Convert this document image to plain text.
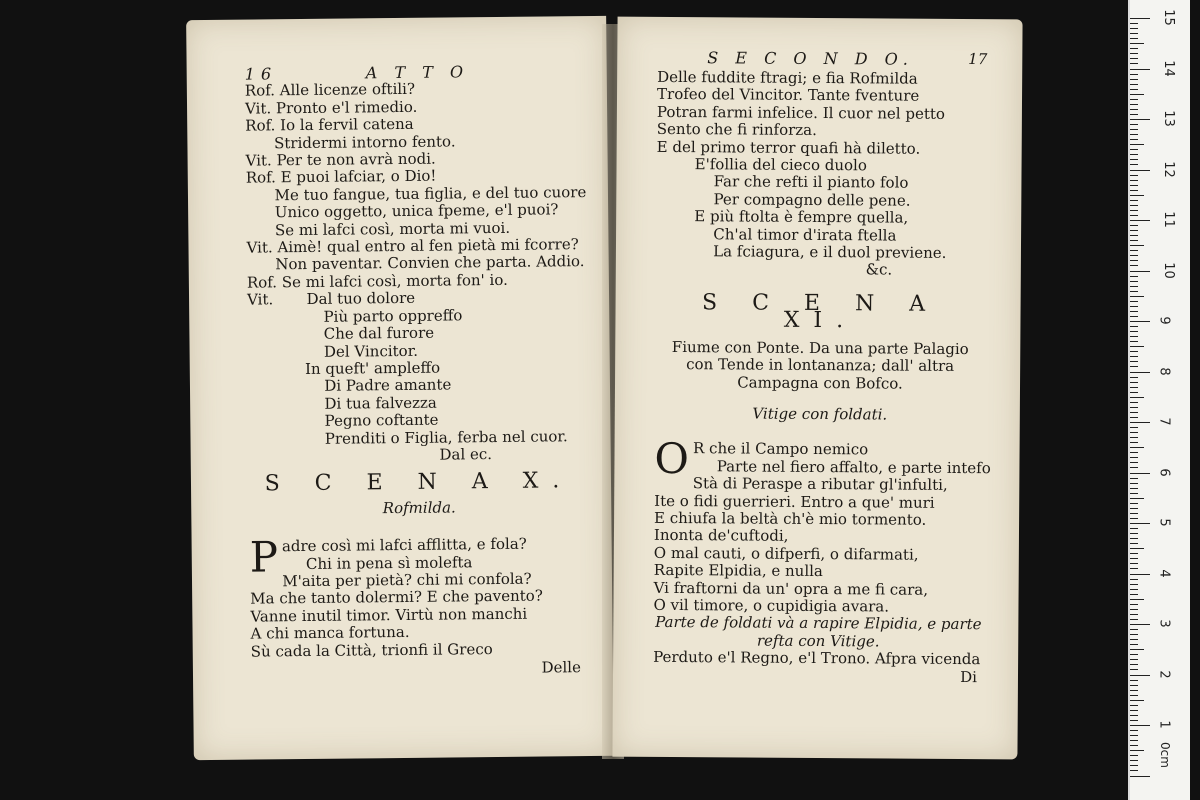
16        A T T O
Rof. Alle licenze oftili?
Vit. Pronto e'l rimedio.
Rof. Io la fervil catena
Stridermi intorno fento.
Vit. Per te non avrà nodi.
Rof. E puoi lafciar, o Dio!
Me tuo fangue, tua figlia, e del tuo cuore
Unico oggetto, unica fpeme, e'l puoi?
Se mi lafci così, morta mi vuoi.
Vit. Aimè! qual entro al fen pietà mi fcorre?
Non paventar. Convien che parta. Addio.
Rof. Se mi lafci così, morta fon' io.
Vit.       Dal tuo dolore
Più parto oppreffo
Che dal furore
Del Vincitor.
In queft' ampleffo
Di Padre amante
Di tua falvezza
Pegno coftante
Prenditi o Figlia, ferba nel cuor.
Dal ec.
S C E N A X.
Rofmilda.
P adre così mi lafci afflitta, e fola?
Chi in pena sì molefta
M'aita per pietà? chi mi confola?
Ma che tanto dolermi? E che pavento?
Vanne inutil timor. Virtù non manchi
A chi manca fortuna.
Sù cada la Città, trionfi il Greco
Delle
S E C O N D O.	17
Delle fuddite ftragi; e fia Rofmilda
Trofeo del Vincitor. Tante fventure
Potran farmi infelice. Il cuor nel petto
Sento che fi rinforza.
E del primo terror quafi hà diletto.
E'follia del cieco duolo
Far che refti il pianto folo
Per compagno delle pene.
E più ftolta è fempre quella,
Ch'al timor d'irata ftella
La fciagura, e il duol previene.
&c.
S C E N A XI.
Fiume con Ponte. Da una parte Palagio
con Tende in lontananza; dall' altra
Campagna con Bofco.
Vitige con foldati.
O R che il Campo nemico
Parte nel fiero affalto, e parte intefo
Stà di Peraspe a ributar gl'infulti,
Ite o fidi guerrieri. Entro a que' muri
E chiufa la beltà ch'è mio tormento.
Inonta de'cuftodi,
O mal cauti, o difperfi, o difarmati,
Rapite Elpidia, e nulla
Vi fraftorni da un' opra a me fi cara,
O vil timore, o cupidigia avara.
Parte de foldati và a rapire Elpidia, e parte
refta con Vitige.
Perduto e'l Regno, e'l Trono. Afpra vicenda
Di
15
14
13
12
11
10
9
8
7
6
5
4
3
2
1
0cm
